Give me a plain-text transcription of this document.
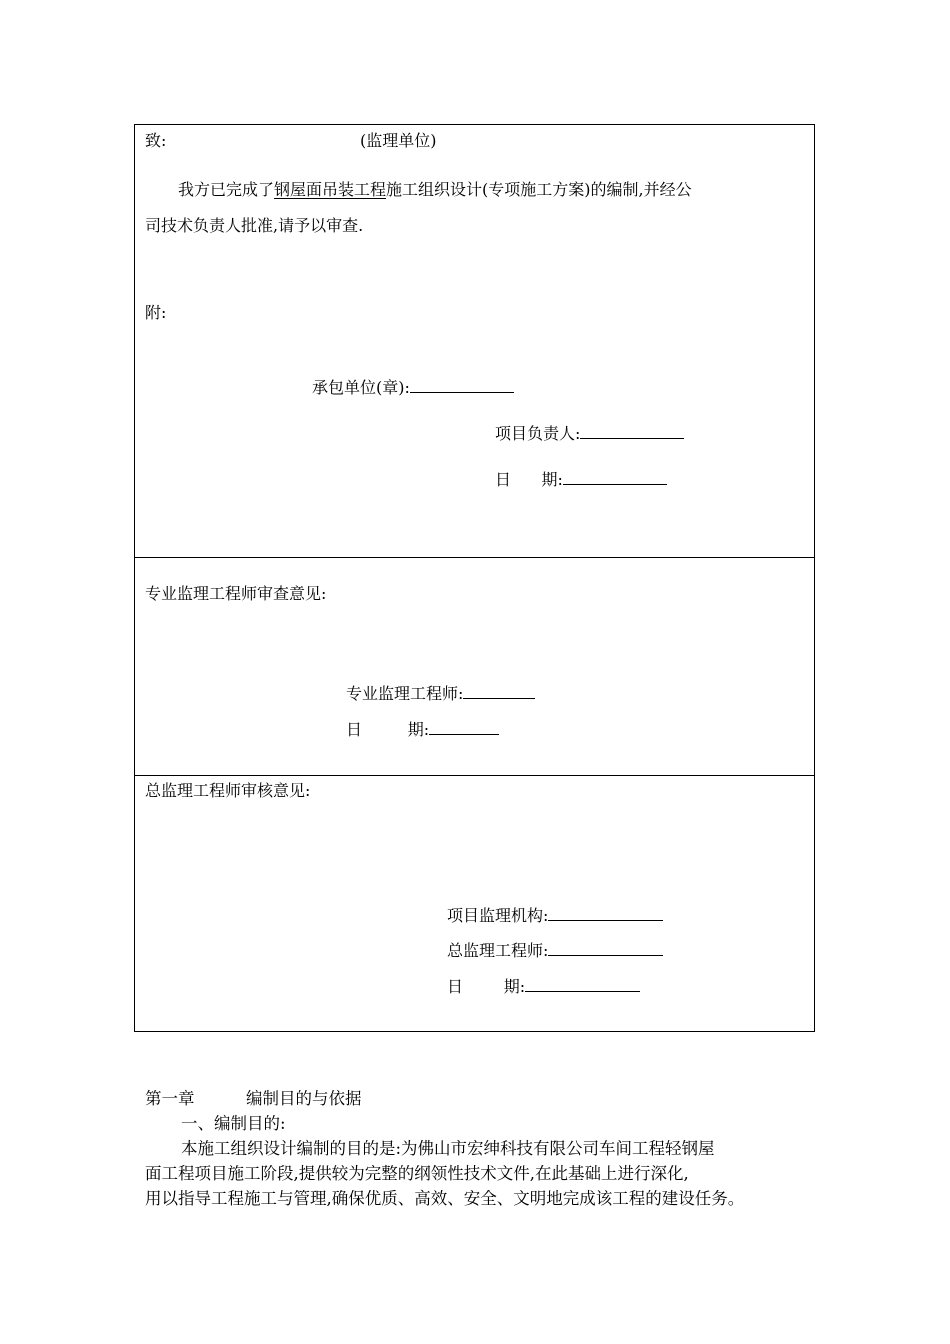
致:	(监理单位)
我方已完成了钢屋面吊装工程施工组织设计(专项施工方案)的编制,并经公
司技术负责人批准,请予以审查.
附:
承包单位(章):
项目负责人:
日      期:
专业监理工程师审查意见:
专业监理工程师:
日         期:
总监理工程师审核意见:
项目监理机构:
总监理工程师:
日        期:
第一章	编制目的与依据
一、编制目的:
本施工组织设计编制的目的是:为佛山市宏绅科技有限公司车间工程轻钢屋
面工程项目施工阶段,提供较为完整的纲领性技术文件,在此基础上进行深化,
用以指导工程施工与管理,确保优质、高效、安全、文明地完成该工程的建设任务。
